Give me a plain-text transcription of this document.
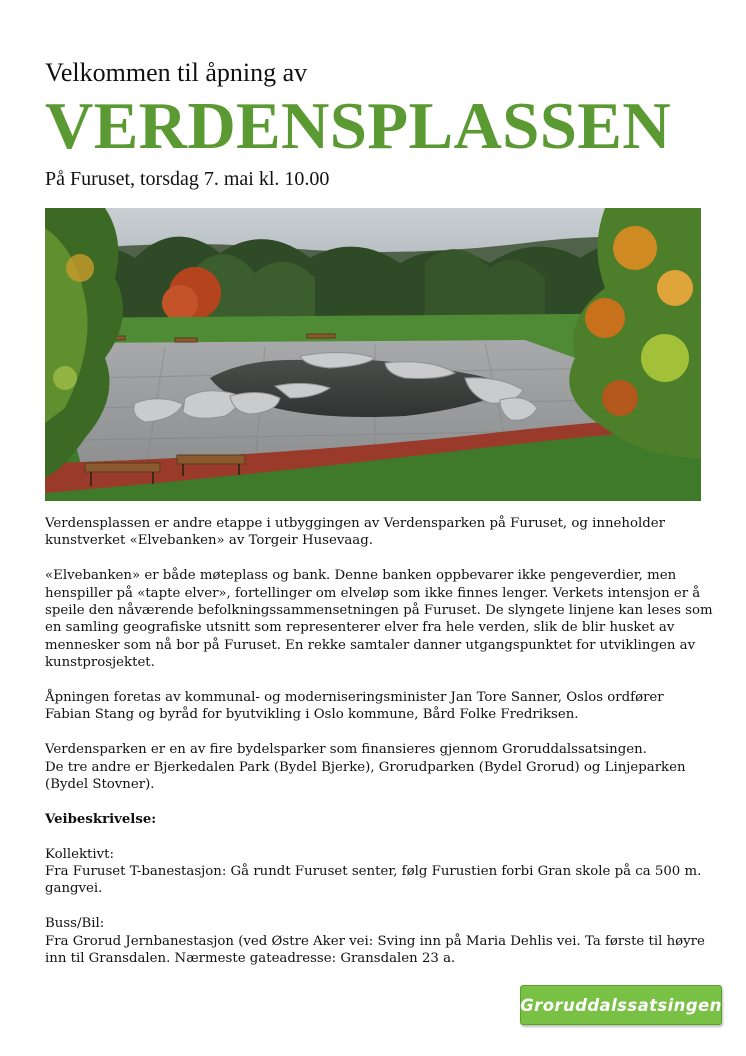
Velkommen til åpning av
VERDENSPLASSEN
På Furuset, torsdag 7. mai kl. 10.00

Verdensplassen er andre etappe i utbyggingen av Verdensparken på Furuset, og inneholder
kunstverket «Elvebanken» av Torgeir Husevaag.

«Elvebanken» er både møteplass og bank. Denne banken oppbevarer ikke pengeverdier, men
henspiller på «tapte elver», fortellinger om elveløp som ikke finnes lenger. Verkets intensjon er å
speile den nåværende befolkningssammensetningen på Furuset. De slyngete linjene kan leses som
en samling geografiske utsnitt som representerer elver fra hele verden, slik de blir husket av
mennesker som nå bor på Furuset. En rekke samtaler danner utgangspunktet for utviklingen av
kunstprosjektet.

Åpningen foretas av kommunal- og moderniseringsminister Jan Tore Sanner, Oslos ordfører
Fabian Stang og byråd for byutvikling i Oslo kommune, Bård Folke Fredriksen.

Verdensparken er en av fire bydelsparker som finansieres gjennom Groruddalssatsingen.
De tre andre er Bjerkedalen Park (Bydel Bjerke), Grorudparken (Bydel Grorud) og Linjeparken
(Bydel Stovner).

Veibeskrivelse:

Kollektivt:
Fra Furuset T-banestasjon: Gå rundt Furuset senter, følg Furustien forbi Gran skole på ca 500 m.
gangvei.

Buss/Bil:
Fra Grorud Jernbanestasjon (ved Østre Aker vei: Sving inn på Maria Dehlis vei. Ta første til høyre
inn til Gransdalen. Nærmeste gateadresse: Gransdalen 23 a.

Groruddalssatsingen
